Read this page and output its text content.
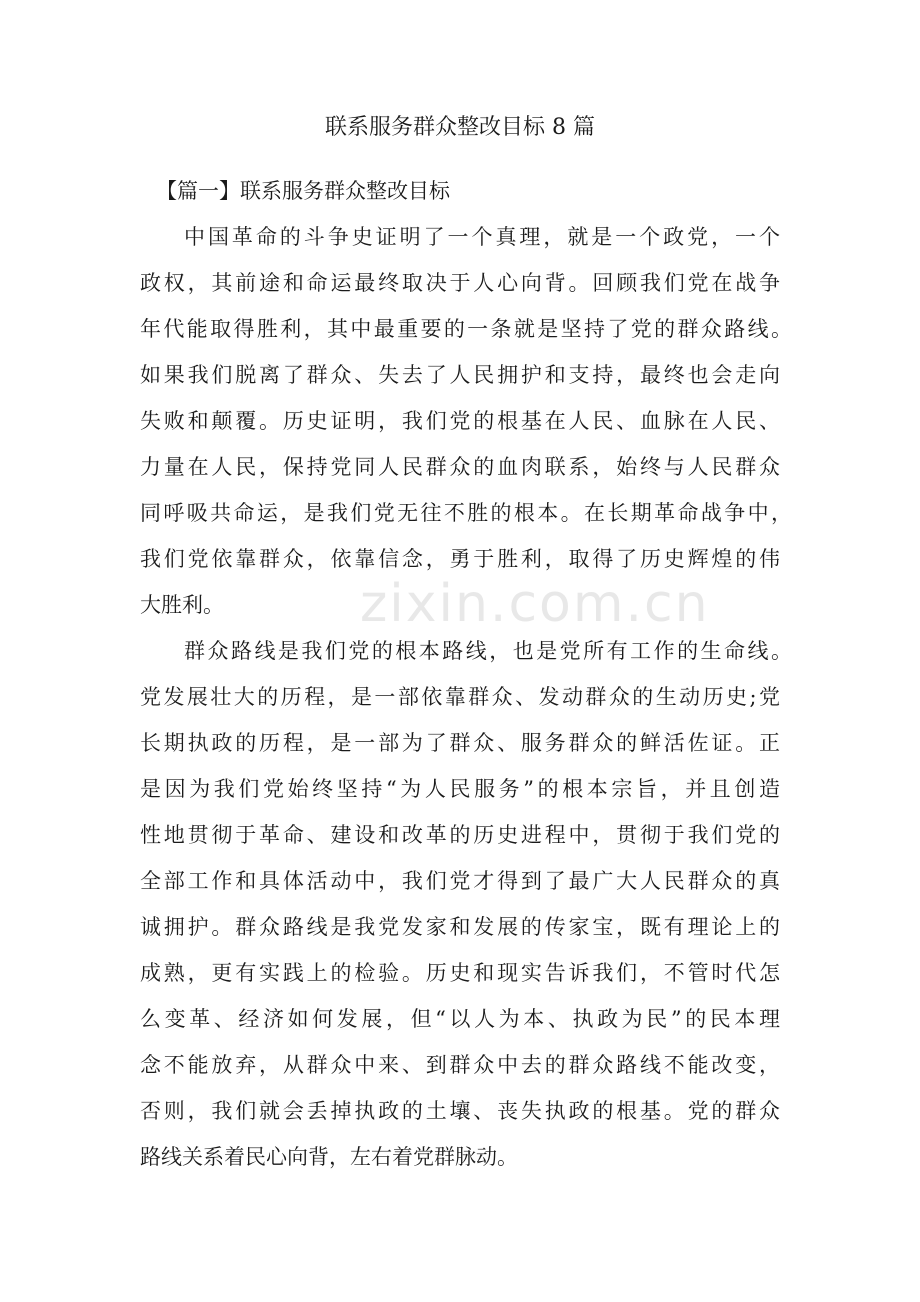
zixin.com.cn
联系服务群众整改目标 8 篇
【篇一】联系服务群众整改目标
中国革命的斗争史证明了一个真理，就是一个政党，一个
政权，其前途和命运最终取决于人心向背。回顾我们党在战争
年代能取得胜利，其中最重要的一条就是坚持了党的群众路线。
如果我们脱离了群众、失去了人民拥护和支持，最终也会走向
失败和颠覆。历史证明，我们党的根基在人民、血脉在人民、
力量在人民，保持党同人民群众的血肉联系，始终与人民群众
同呼吸共命运，是我们党无往不胜的根本。在长期革命战争中，
我们党依靠群众，依靠信念，勇于胜利，取得了历史辉煌的伟
大胜利。
群众路线是我们党的根本路线，也是党所有工作的生命线。
党发展壮大的历程，是一部依靠群众、发动群众的生动历史;党
长期执政的历程，是一部为了群众、服务群众的鲜活佐证。正
是因为我们党始终坚持“为人民服务”的根本宗旨，并且创造
性地贯彻于革命、建设和改革的历史进程中，贯彻于我们党的
全部工作和具体活动中，我们党才得到了最广大人民群众的真
诚拥护。群众路线是我党发家和发展的传家宝，既有理论上的
成熟，更有实践上的检验。历史和现实告诉我们，不管时代怎
么变革、经济如何发展，但“以人为本、执政为民”的民本理
念不能放弃，从群众中来、到群众中去的群众路线不能改变，
否则，我们就会丢掉执政的土壤、丧失执政的根基。党的群众
路线关系着民心向背，左右着党群脉动。
